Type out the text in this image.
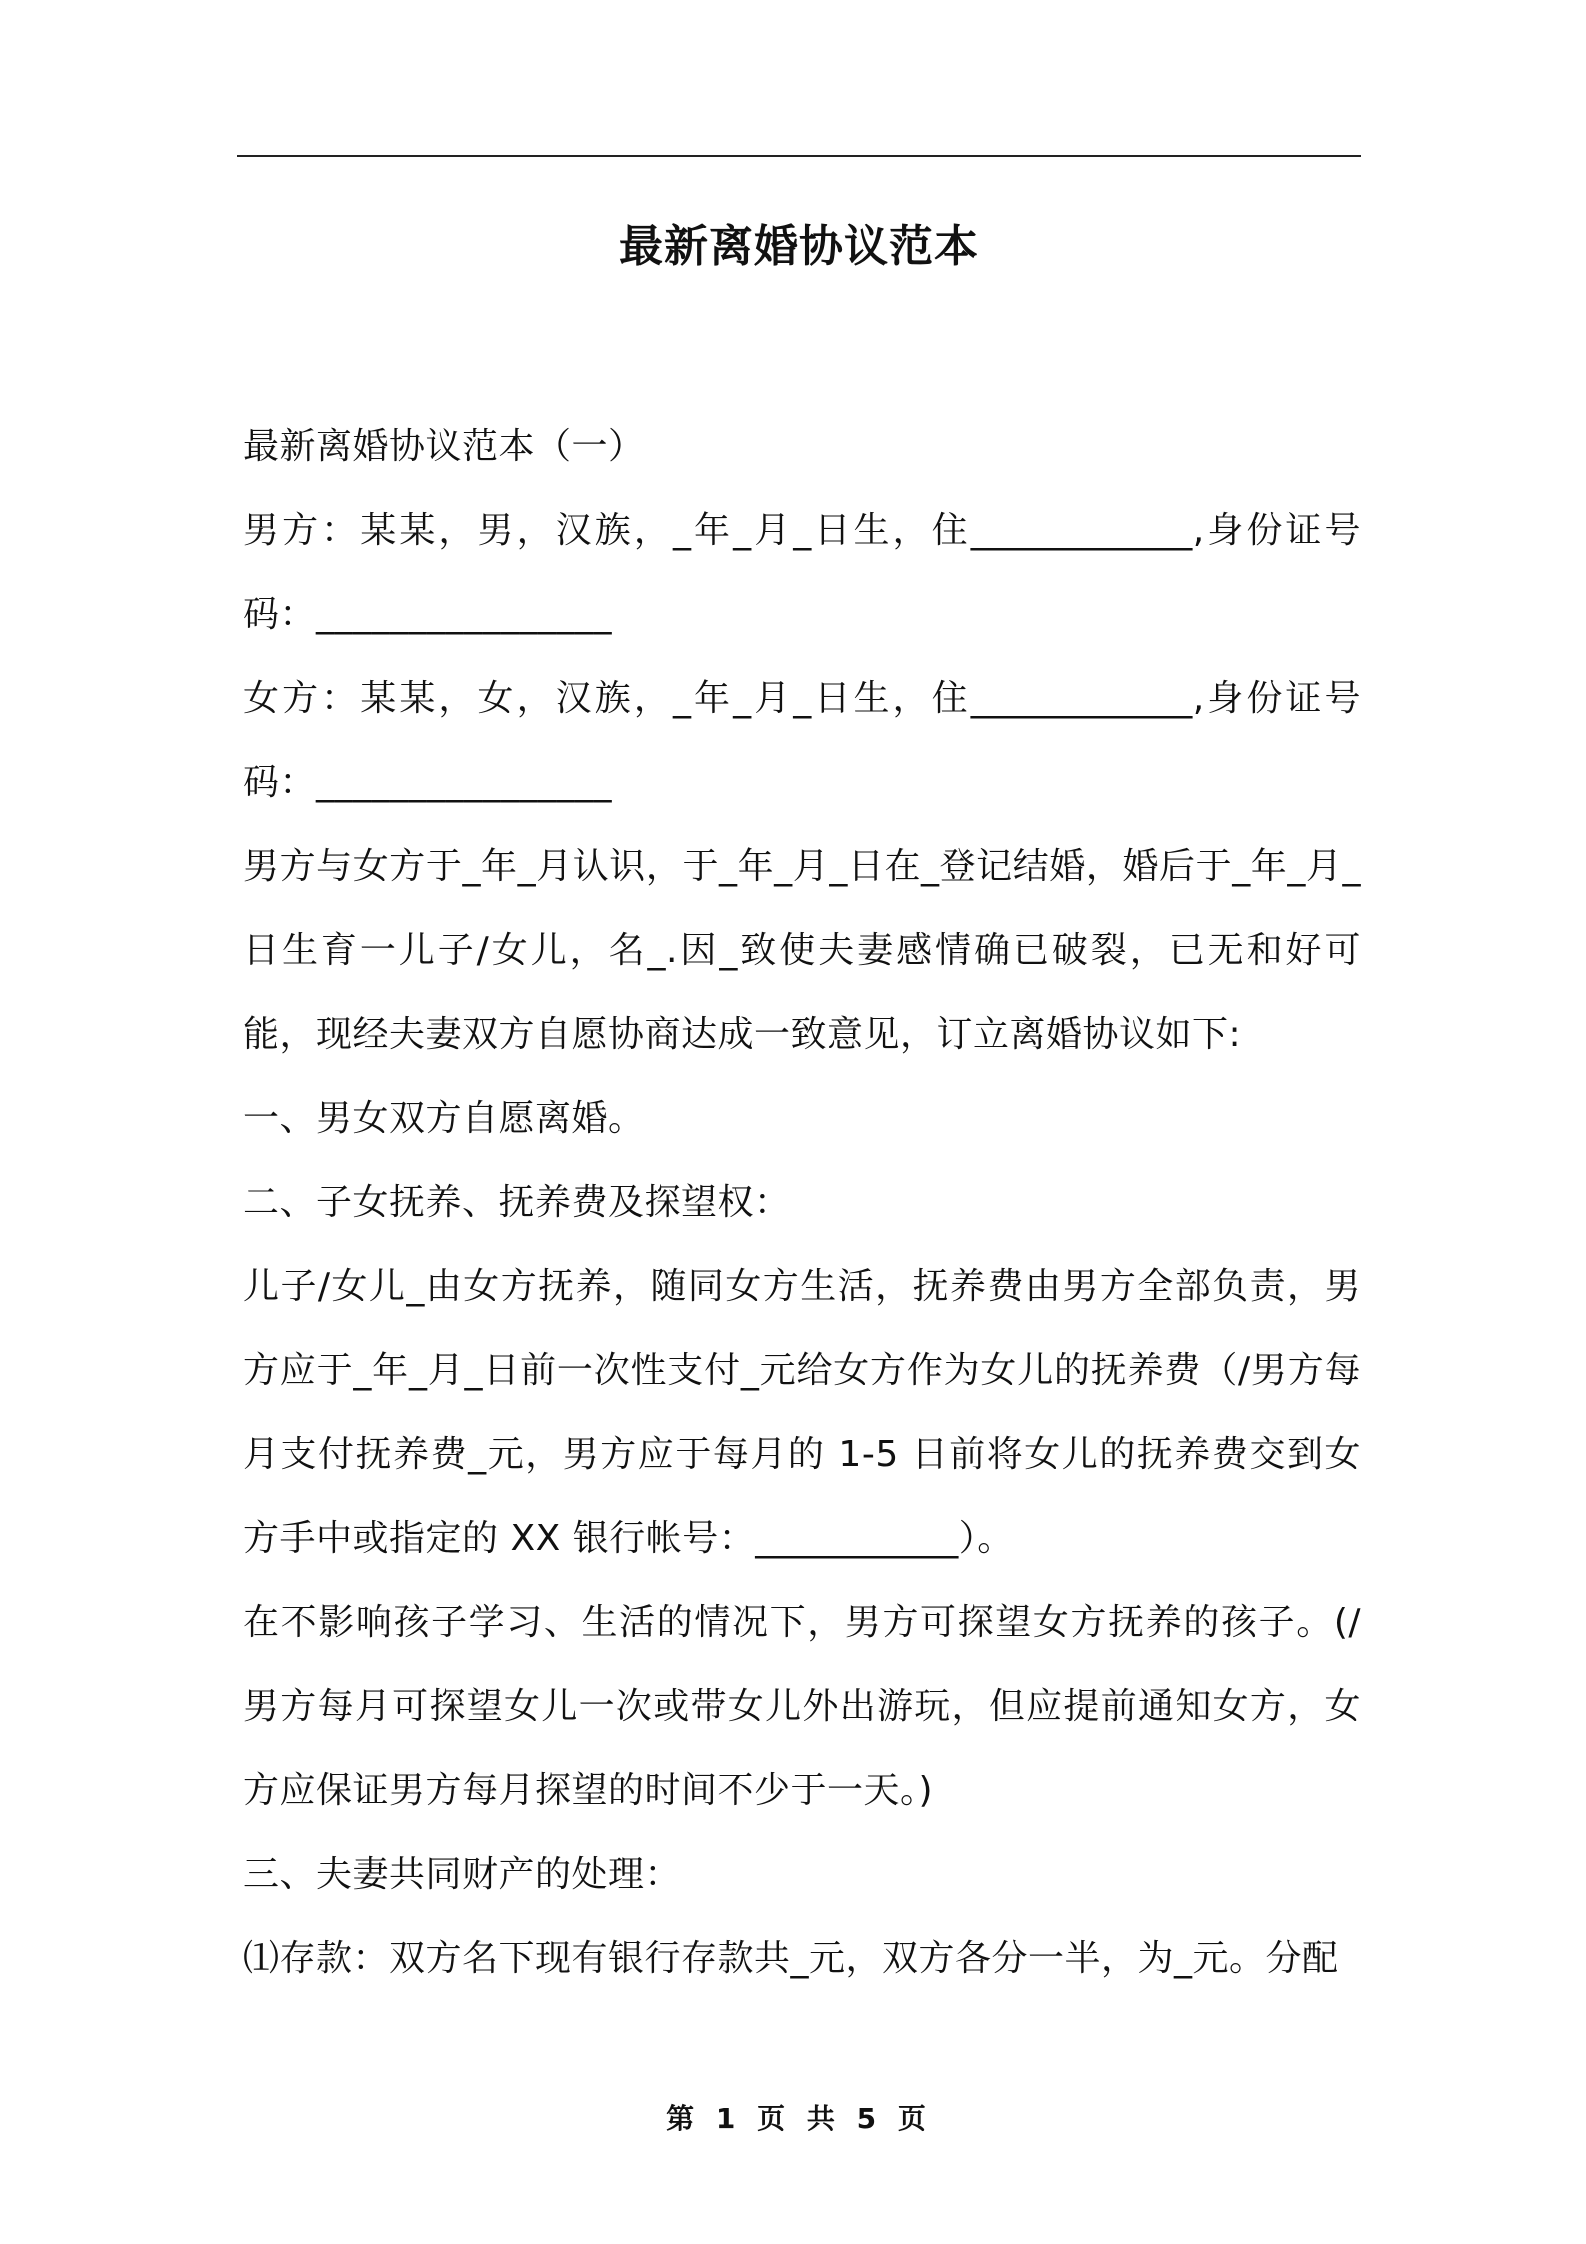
最新离婚协议范本

最新离婚协议范本（一）

男方：某某，男，汉族，_年_月_日生，住____________,身份证号码：________________

女方：某某，女，汉族，_年_月_日生，住____________,身份证号码：________________

男方与女方于_年_月认识，于_年_月_日在_登记结婚，婚后于_年_月_日生育一儿子/女儿，名_.因_致使夫妻感情确已破裂，已无和好可能，现经夫妻双方自愿协商达成一致意见，订立离婚协议如下:

一、男女双方自愿离婚。

二、子女抚养、抚养费及探望权：

儿子/女儿_由女方抚养，随同女方生活，抚养费由男方全部负责，男方应于_年_月_日前一次性支付_元给女方作为女儿的抚养费（/男方每月支付抚养费_元，男方应于每月的 1-5 日前将女儿的抚养费交到女方手中或指定的 XX 银行帐号：___________）。

在不影响孩子学习、生活的情况下，男方可探望女方抚养的孩子。(/男方每月可探望女儿一次或带女儿外出游玩，但应提前通知女方，女方应保证男方每月探望的时间不少于一天。)

三、夫妻共同财产的处理：

⑴存款：双方名下现有银行存款共_元，双方各分一半，为_元。分配

第 1 页 共 5 页
